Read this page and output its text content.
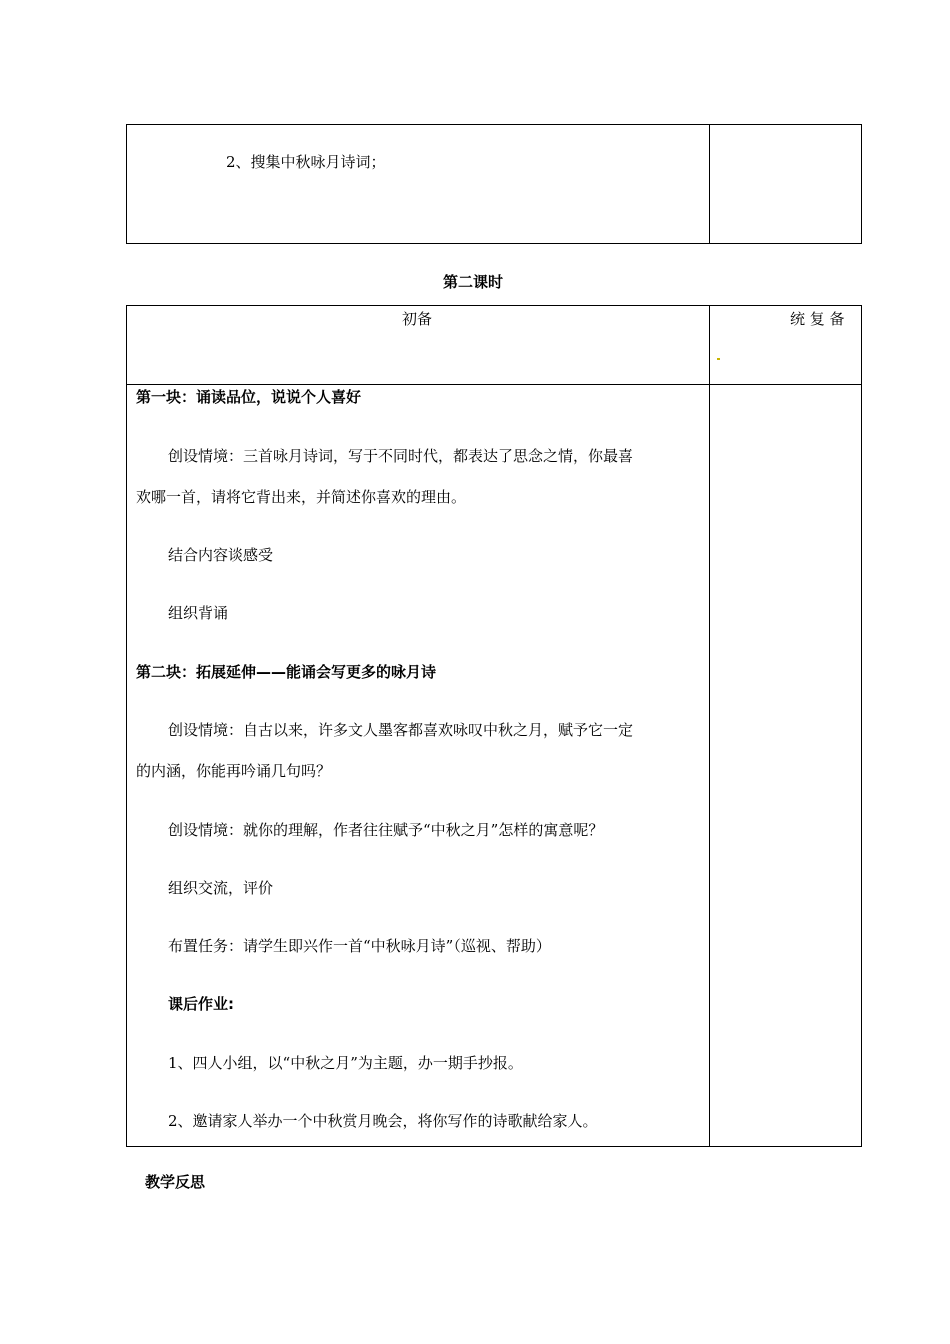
2、搜集中秋咏月诗词；
第二课时
初备	统 复 备
第一块：诵读品位，说说个人喜好
创设情境：三首咏月诗词，写于不同时代，都表达了思念之情，你最喜
欢哪一首，请将它背出来，并简述你喜欢的理由。
结合内容谈感受
组织背诵
第二块：拓展延伸——能诵会写更多的咏月诗
创设情境：自古以来，许多文人墨客都喜欢咏叹中秋之月，赋予它一定
的内涵，你能再吟诵几句吗？
创设情境：就你的理解，作者往往赋予“中秋之月”怎样的寓意呢？
组织交流，评价
布置任务：请学生即兴作一首“中秋咏月诗”（巡视、帮助）
课后作业:
1、四人小组，以“中秋之月”为主题，办一期手抄报。
2、邀请家人举办一个中秋赏月晚会，将你写作的诗歌献给家人。
教学反思
